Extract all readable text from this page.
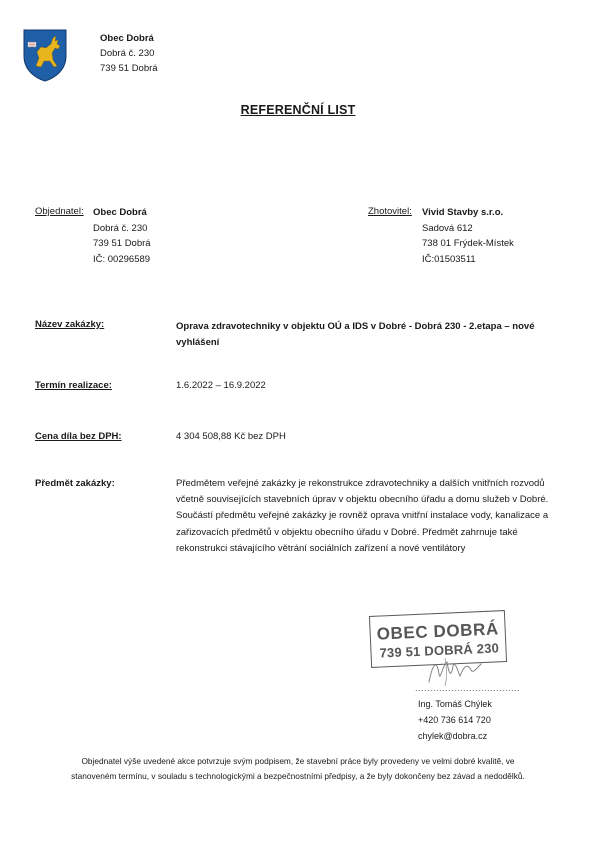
Obec Dobrá
Dobrá č. 230
739 51 Dobrá
REFERENČNÍ LIST
Objednatel: Obec Dobrá
Dobrá č. 230
739 51 Dobrá
IČ: 00296589
Zhotovitel: Vivid Stavby s.r.o.
Sadová 612
738 01 Frýdek-Místek
IČ:01503511
Název zakázky:	Oprava zdravotechniky v objektu OÚ a IDS v Dobré - Dobrá 230 - 2.etapa – nové vyhlášení
Termín realizace:	1.6.2022 – 16.9.2022
Cena díla bez DPH:	4 304 508,88 Kč bez DPH
Předmět zakázky:	Předmětem veřejné zakázky je rekonstrukce zdravotechniky a dalších vnitřních rozvodů včetně souvisejících stavebních úprav v objektu obecního úřadu a domu služeb v Dobré. Součástí předmětu veřejné zakázky je rovněž oprava vnitřní instalace vody, kanalizace a zařizovacích předmětů v objektu obecního úřadu v Dobré. Předmět zahrnuje také rekonstrukci stávajícího větrání sociálních zařízení a nové ventilátory
OBEC DOBRÁ
739 51 DOBRÁ 230
...................................
Ing. Tomáš Chýlek
+420 736 614 720
chylek@dobra.cz
Objednatel výše uvedené akce potvrzuje svým podpisem, že stavební práce byly provedeny ve velmi dobré kvalitě, ve
stanoveném termínu, v souladu s technologickými a bezpečnostními předpisy, a že byly dokončeny bez závad a nedodělků.
